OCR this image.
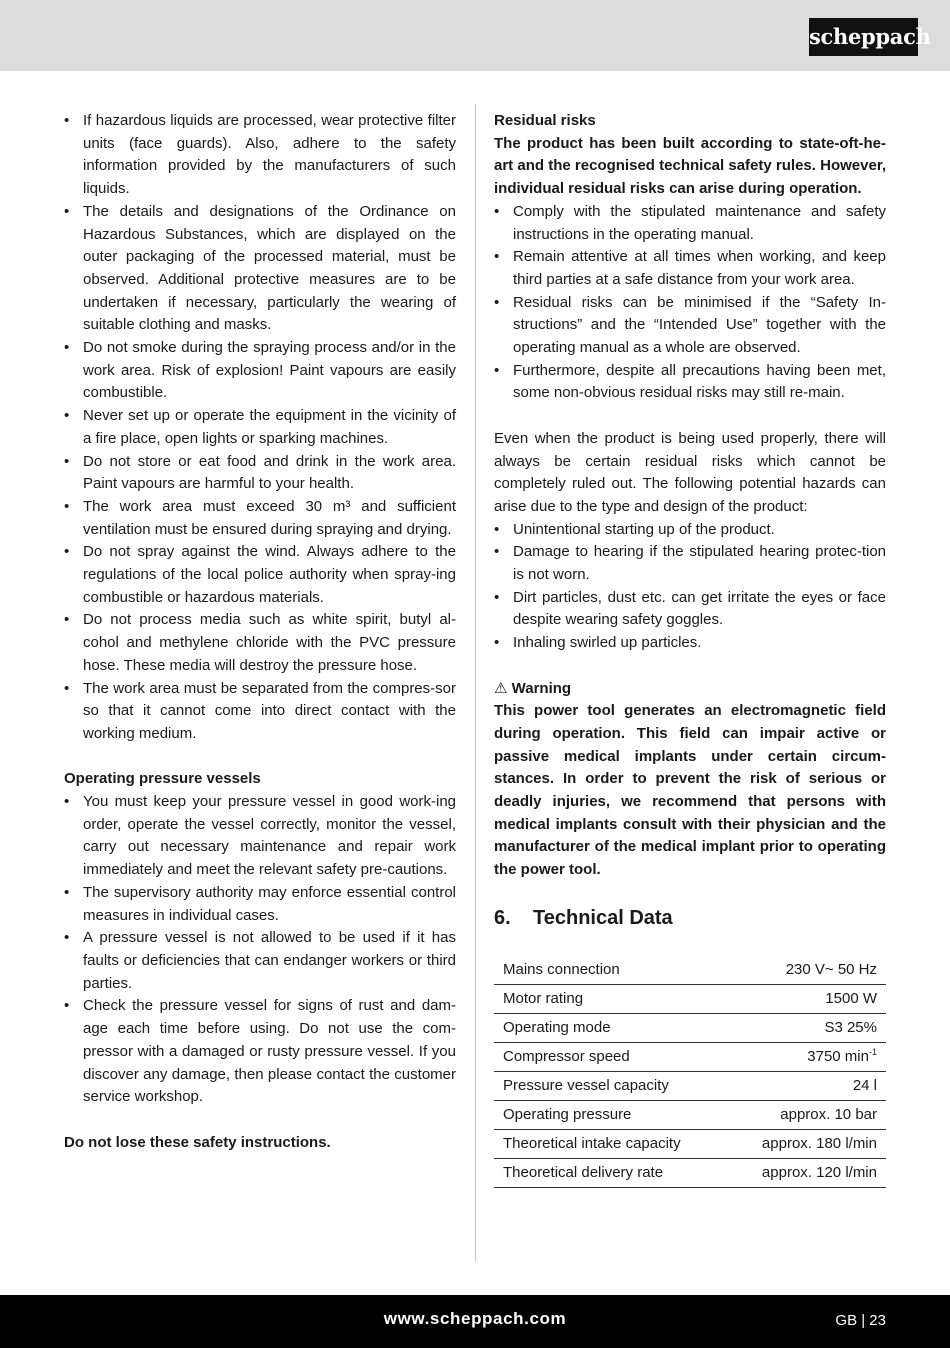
scheppach
• If hazardous liquids are processed, wear protective filter units (face guards). Also, adhere to the safety information provided by the manufacturers of such liquids.
• The details and designations of the Ordinance on Hazardous Substances, which are displayed on the outer packaging of the processed material, must be observed. Additional protective measures are to be undertaken if necessary, particularly the wearing of suitable clothing and masks.
• Do not smoke during the spraying process and/or in the work area. Risk of explosion! Paint vapours are easily combustible.
• Never set up or operate the equipment in the vicinity of a fire place, open lights or sparking machines.
• Do not store or eat food and drink in the work area. Paint vapours are harmful to your health.
• The work area must exceed 30 m³ and sufficient ventilation must be ensured during spraying and drying.
• Do not spray against the wind. Always adhere to the regulations of the local police authority when spray-ing combustible or hazardous materials.
• Do not process media such as white spirit, butyl al-cohol and methylene chloride with the PVC pressure hose. These media will destroy the pressure hose.
• The work area must be separated from the compres-sor so that it cannot come into direct contact with the working medium.
Operating pressure vessels
• You must keep your pressure vessel in good work-ing order, operate the vessel correctly, monitor the vessel, carry out necessary maintenance and repair work immediately and meet the relevant safety pre-cautions.
• The supervisory authority may enforce essential control measures in individual cases.
• A pressure vessel is not allowed to be used if it has faults or deficiencies that can endanger workers or third parties.
• Check the pressure vessel for signs of rust and dam-age each time before using. Do not use the com-pressor with a damaged or rusty pressure vessel. If you discover any damage, then please contact the customer service workshop.
Do not lose these safety instructions.
Residual risks
The product has been built according to state-oft-he-art and the recognised technical safety rules. However, individual residual risks can arise during operation.
• Comply with the stipulated maintenance and safety instructions in the operating manual.
• Remain attentive at all times when working, and keep third parties at a safe distance from your work area.
• Residual risks can be minimised if the “Safety In-structions” and the “Intended Use” together with the operating manual as a whole are observed.
• Furthermore, despite all precautions having been met, some non-obvious residual risks may still re-main.
Even when the product is being used properly, there will always be certain residual risks which cannot be completely ruled out. The following potential hazards can arise due to the type and design of the product:
• Unintentional starting up of the product.
• Damage to hearing if the stipulated hearing protec-tion is not worn.
• Dirt particles, dust etc. can get irritate the eyes or face despite wearing safety goggles.
• Inhaling swirled up particles.
⚠ Warning
This power tool generates an electromagnetic field during operation. This field can impair active or passive medical implants under certain circum-stances. In order to prevent the risk of serious or deadly injuries, we recommend that persons with medical implants consult with their physician and the manufacturer of the medical implant prior to operating the power tool.
6.	Technical Data
Mains connection	230 V~ 50 Hz
Motor rating	1500 W
Operating mode	S3 25%
Compressor speed	3750 $\min^{-1}$
Pressure vessel capacity	24 l
Operating pressure	approx. 10 bar
Theoretical intake capacity	approx. 180 l/min
Theoretical delivery rate	approx. 120 l/min
www.scheppach.com	GB | 23
